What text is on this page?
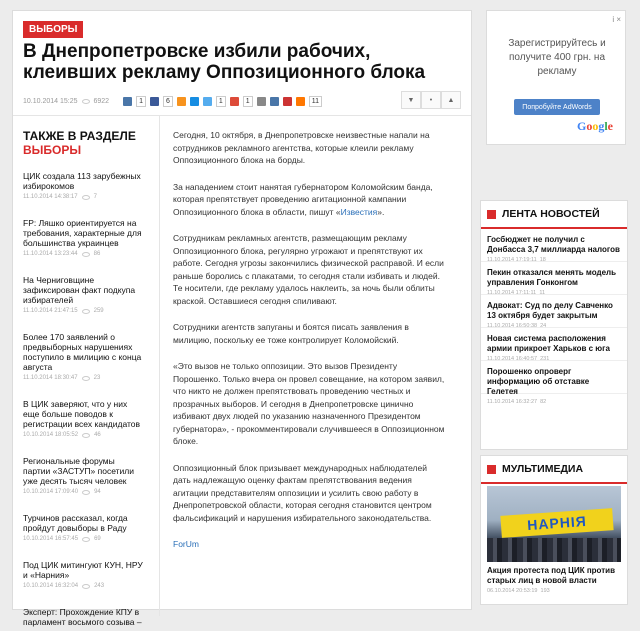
ВЫБОРЫ
В Днепропетровске избили рабочих, клеивших рекламу Оппозиционного блока
10.10.2014 15:25 6922	1	6	1	1	11	▼	•	▲
ТАКЖЕ В РАЗДЕЛЕ
ВЫБОРЫ
ЦИК создала 113 зарубежных избирокомов
11.10.2014 14:38:17	7
FP: Ляшко ориентируется на требования, характерные для большинства украинцев
11.10.2014 13:23:44	86
На Черниговщине зафиксирован факт подкупа избирателей
11.10.2014 21:47:15	259
Более 170 заявлений о предвыборных нарушениях поступило в милицию с конца августа
11.10.2014 18:30:47	23
В ЦИК заверяют, что у них еще больше поводов к регистрации всех кандидатов
10.10.2014 18:05:52	46
Региональные форумы партии «ЗАСТУП» посетили уже десять тысяч человек
10.10.2014 17:09:40	94
Турчинов рассказал, когда пройдут довыборы в Раду
10.10.2014 16:57:45	69
Под ЦИК митингуют КУН, НРУ и «Нарния»
10.10.2014 16:32:04	243
Эксперт: Прохождение КПУ в парламент восьмого созыва –

Сегодня, 10 октября, в Днепропетровске неизвестные напали на сотрудников рекламного агентства, которые клеили рекламу Оппозиционного блока на борды.

За нападением стоит нанятая губернатором Коломойским банда, которая препятствует проведению агитационной кампании Оппозиционного блока в области, пишут «Известия».

Сотрудникам рекламных агентств, размещающим рекламу Оппозиционного блока, регулярно угрожают и препятствуют их работе. Сегодня угрозы закончились физической расправой. И если раньше боролись с плакатами, то сегодня стали избивать и людей. Те носители, где рекламу удалось наклеить, за ночь были облиты краской. Оставшиеся сегодня спиливают.

Сотрудники агентств запуганы и боятся писать заявления в милицию, поскольку ее тоже контролирует Коломойский.

«Это вызов не только оппозиции. Это вызов Президенту Порошенко. Только вчера он провел совещание, на котором заявил, что никто не должен препятствовать проведению честных и прозрачных выборов. И сегодня в Днепропетровске цинично избивают двух людей по указанию назначенного Президентом губернатора», - прокомментировали случившееся в Оппозиционном блоке.

Оппозиционный блок призывает международных наблюдателей дать надлежащую оценку фактам препятствования ведения агитации представителям оппозиции и усилить свою работу в Днепропетровской области, которая сегодня становится центром фальсификаций и нарушения избирательного законодательства.

ForUm

i ×
Зарегистрируйтесь и получите 400 грн. на рекламу
Попробуйте AdWords
Google
ЛЕНТА НОВОСТЕЙ
Госбюджет не получил с Донбасса 3,7 миллиарда налогов
11.10.2014 17:19:11 18
Пекин отказался менять модель управления Гонконгом
11.10.2014 17:11:11 11
Адвокат: Суд по делу Савченко 13 октября будет закрытым
11.10.2014 16:50:38 24
Новая система расположения армии прикроет Харьков с юга
11.10.2014 16:40:57 231
Порошенко опроверг информацию об отставке Гелетея
11.10.2014 16:32:27 82
МУЛЬТИМЕДИА
НАРНІЯ
Акция протеста под ЦИК против старых лиц в новой власти
06.10.2014 20:53:19 193
